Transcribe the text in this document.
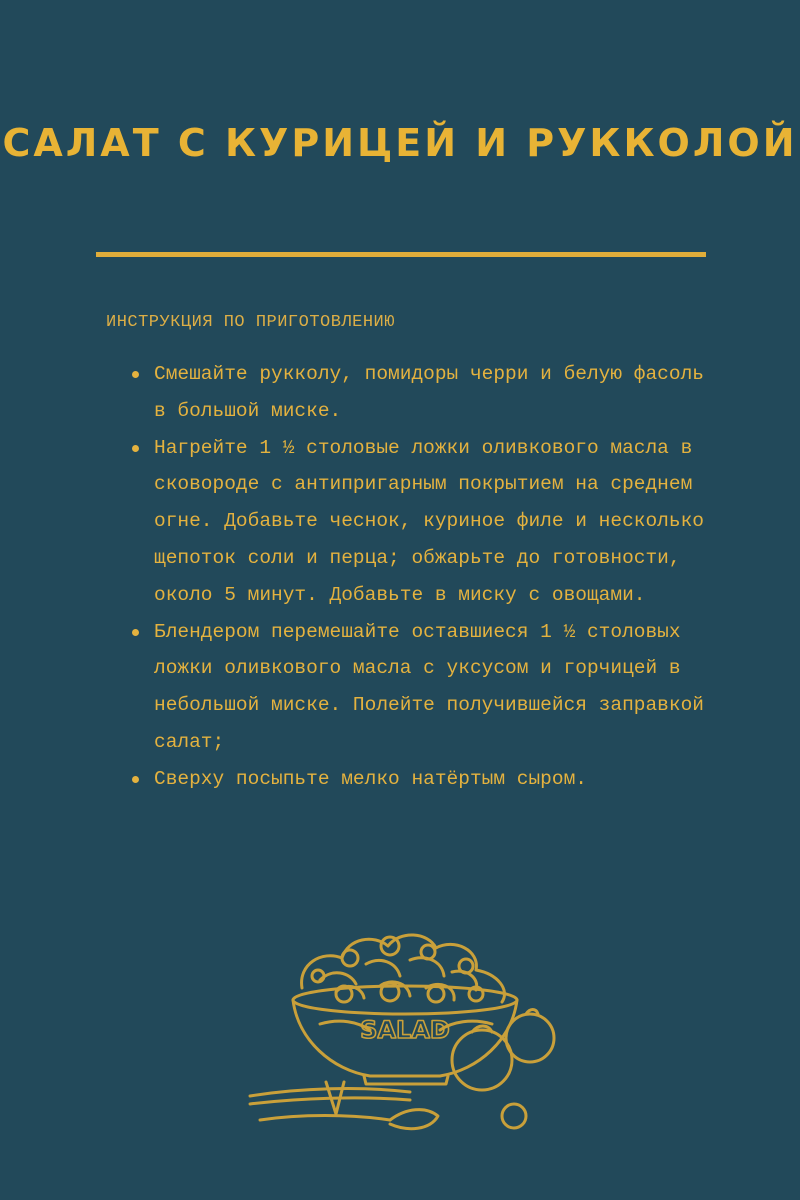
САЛАТ С КУРИЦЕЙ И РУККОЛОЙ
ИНСТРУКЦИЯ ПО ПРИГОТОВЛЕНИЮ
Смешайте рукколу, помидоры черри и белую фасоль в большой миске.
Нагрейте 1 ½ столовые ложки оливкового масла в сковороде с антипригарным покрытием на среднем огне. Добавьте чеснок, куриное филе и несколько щепоток соли и перца; обжарьте до готовности, около 5 минут. Добавьте в миску с овощами.
Блендером перемешайте оставшиеся 1 ½ столовых ложки оливкового масла с уксусом и горчицей в небольшой миске. Полейте получившейся заправкой салат;
Сверху посыпьте мелко натёртым сыром.
SALAD
